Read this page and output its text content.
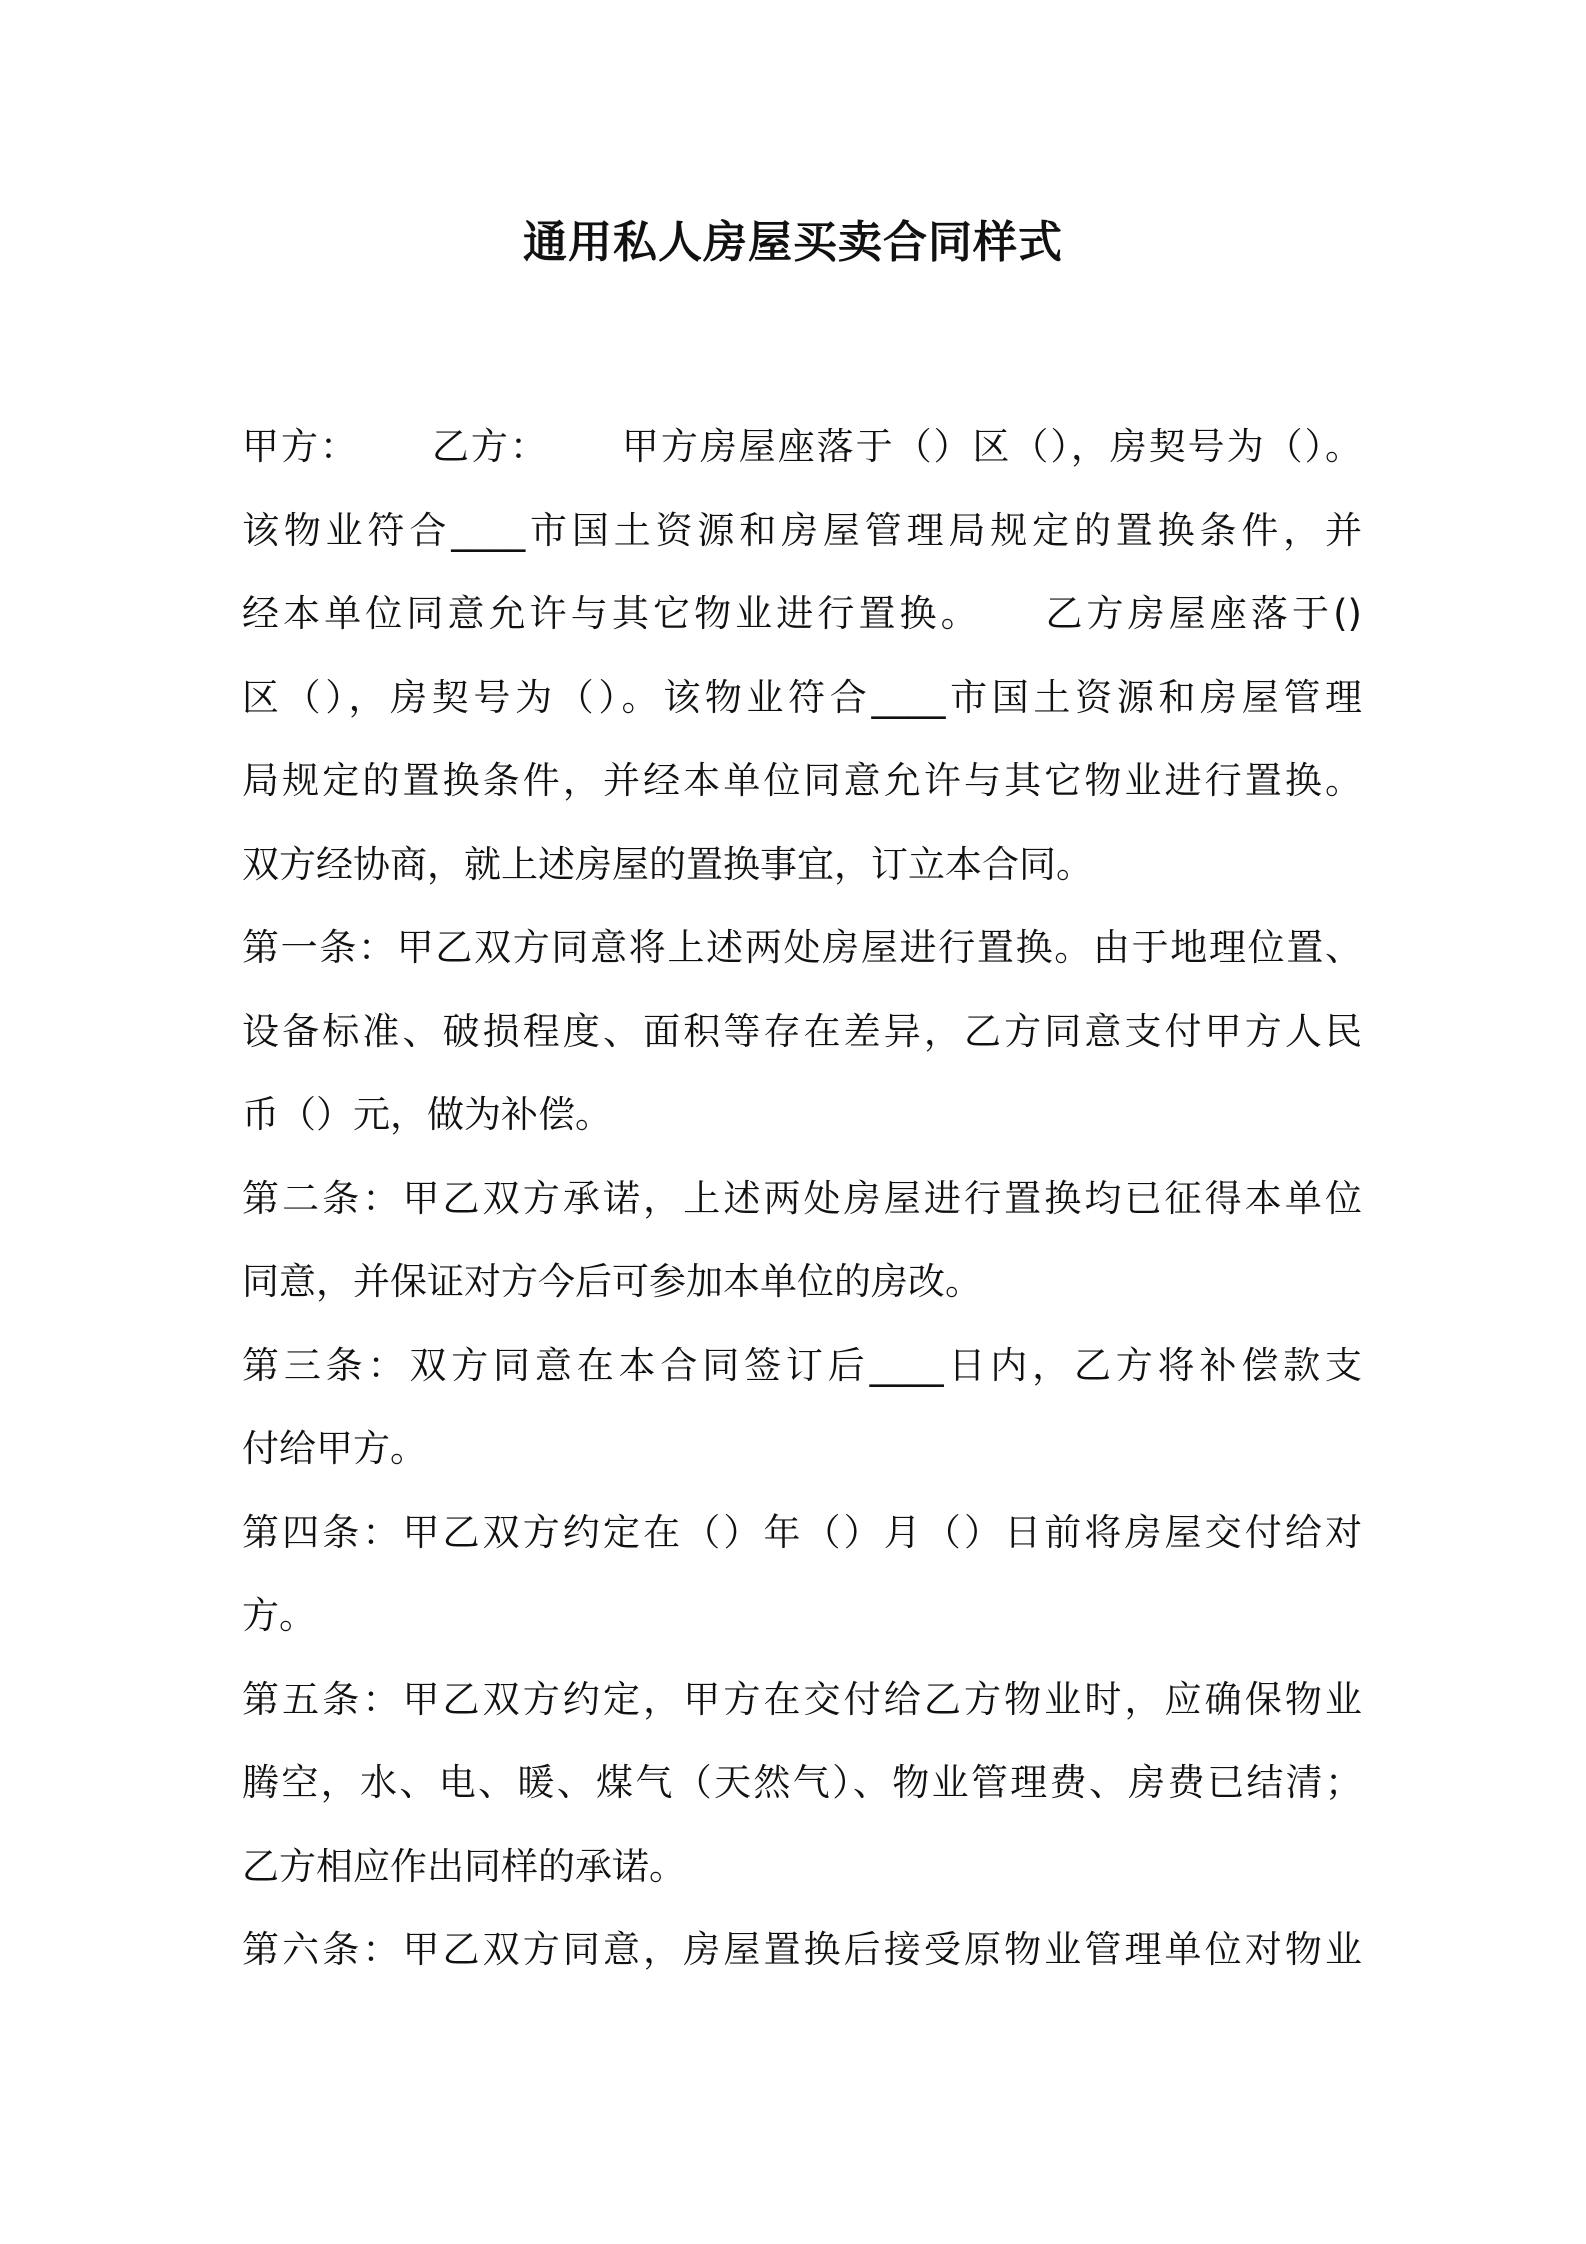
通用私人房屋买卖合同样式
甲方：　　 乙方：　　 甲方房屋座落于（）区（），房契号为（）。
该物业符合____市国土资源和房屋管理局规定的置换条件，并
经本单位同意允许与其它物业进行置换。　　乙方房屋座落于()
区（），房契号为（）。该物业符合____市国土资源和房屋管理
局规定的置换条件，并经本单位同意允许与其它物业进行置换。
双方经协商，就上述房屋的置换事宜，订立本合同。
第一条：甲乙双方同意将上述两处房屋进行置换。由于地理位置、
设备标准、破损程度、面积等存在差异，乙方同意支付甲方人民
币（）元，做为补偿。
第二条：甲乙双方承诺，上述两处房屋进行置换均已征得本单位
同意，并保证对方今后可参加本单位的房改。
第三条：双方同意在本合同签订后____日内，乙方将补偿款支
付给甲方。
第四条：甲乙双方约定在（）年（）月（）日前将房屋交付给对
方。
第五条：甲乙双方约定，甲方在交付给乙方物业时，应确保物业
腾空，水、电、暖、煤气（天然气）、物业管理费、房费已结清；
乙方相应作出同样的承诺。
第六条：甲乙双方同意，房屋置换后接受原物业管理单位对物业
